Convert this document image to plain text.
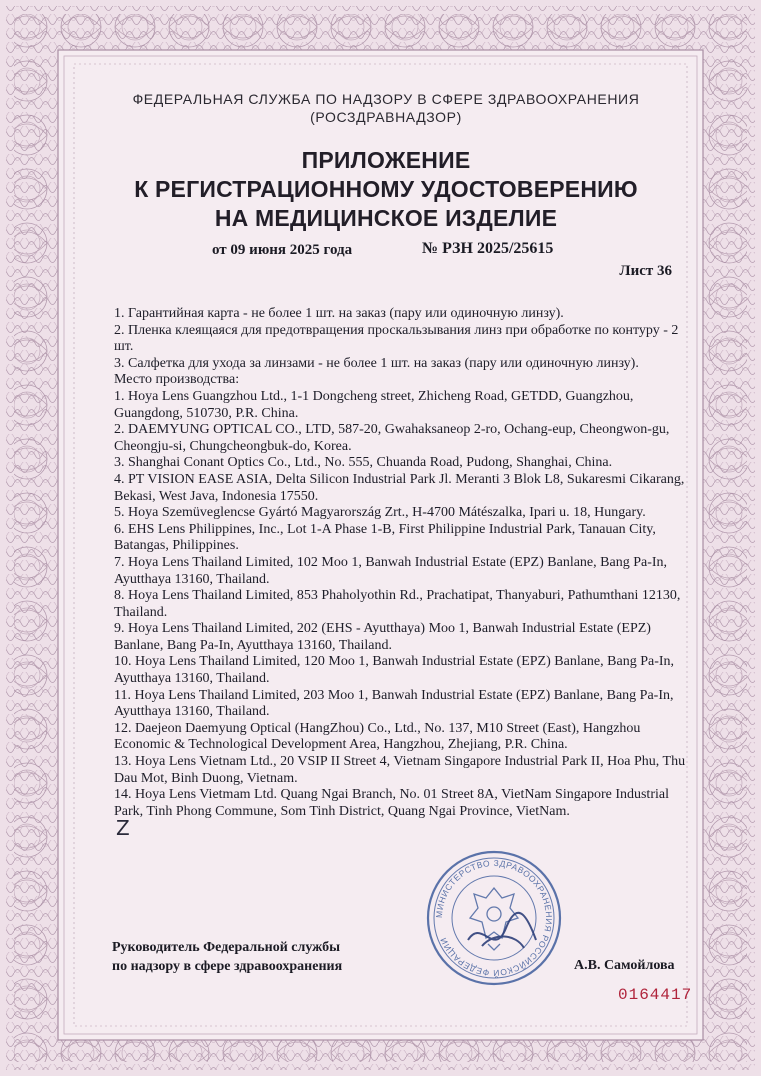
ФЕДЕРАЛЬНАЯ СЛУЖБА ПО НАДЗОРУ В СФЕРЕ ЗДРАВООХРАНЕНИЯ
(РОСЗДРАВНАДЗОР)
ПРИЛОЖЕНИЕ
К РЕГИСТРАЦИОННОМУ УДОСТОВЕРЕНИЮ
НА МЕДИЦИНСКОЕ ИЗДЕЛИЕ
от 09 июня 2025 года	№ РЗН 2025/25615
Лист 36

1. Гарантийная карта - не более 1 шт. на заказ (пару или одиночную линзу).

2. Пленка клеящаяся для предотвращения проскальзывания линз при обработке по контуру - 2 шт.

3. Салфетка для ухода за линзами - не более 1 шт. на заказ (пару или одиночную линзу).

Место производства:

1. Hoya Lens Guangzhou Ltd., 1-1 Dongcheng street, Zhicheng Road, GETDD, Guangzhou, Guangdong, 510730, P.R. China.

2. DAEMYUNG OPTICAL CO., LTD, 587-20, Gwahaksaneop 2-ro, Ochang-eup, Cheongwon-gu, Cheongju-si, Chungcheongbuk-do, Korea.

3. Shanghai Conant Optics Co., Ltd., No. 555, Chuanda Road, Pudong, Shanghai, China.

4. PT VISION EASE ASIA, Delta Silicon Industrial Park Jl. Meranti 3 Blok L8, Sukaresmi Cikarang, Bekasi, West Java, Indonesia 17550.

5. Hoya Szemüveglencse Gyártó Magyarország Zrt., H-4700 Mátészalka, Ipari u. 18, Hungary.

6. EHS Lens Philippines, Inc., Lot 1-A Phase 1-B, First Philippine Industrial Park, Tanauan City, Batangas, Philippines.

7. Hoya Lens Thailand Limited, 102 Moo 1, Banwah Industrial Estate (EPZ) Banlane, Bang Pa-In, Ayutthaya 13160, Thailand.

8. Hoya Lens Thailand Limited, 853 Phaholyothin Rd., Prachatipat, Thanyaburi, Pathumthani 12130, Thailand.

9. Hoya Lens Thailand Limited, 202 (EHS - Ayutthaya) Moo 1, Banwah Industrial Estate (EPZ) Banlane, Bang Pa-In, Ayutthaya 13160, Thailand.

10. Hoya Lens Thailand Limited, 120 Moo 1, Banwah Industrial Estate (EPZ) Banlane, Bang Pa-In, Ayutthaya 13160, Thailand.

11. Hoya Lens Thailand Limited, 203 Moo 1, Banwah Industrial Estate (EPZ) Banlane, Bang Pa-In, Ayutthaya 13160, Thailand.

12. Daejeon Daemyung Optical (HangZhou) Co., Ltd., No. 137, M10 Street (East), Hangzhou Economic & Technological Development Area, Hangzhou, Zhejiang, P.R. China.

13. Hoya Lens Vietnam Ltd., 20 VSIP II Street 4, Vietnam Singapore Industrial Park II, Hoa Phu, Thu Dau Mot, Binh Duong, Vietnam.

14. Hoya Lens Vietmam Ltd. Quang Ngai Branch, No. 01 Street 8A, VietNam Singapore Industrial Park, Tinh Phong Commune, Som Tinh District, Quang Ngai Province, VietNam.

Z
МИНИСТЕРСТВО ЗДРАВООХРАНЕНИЯ РОССИЙСКОЙ ФЕДЕРАЦИИ
Руководитель Федеральной службы
по надзору в сфере здравоохранения	А.В. Самойлова
0164417
